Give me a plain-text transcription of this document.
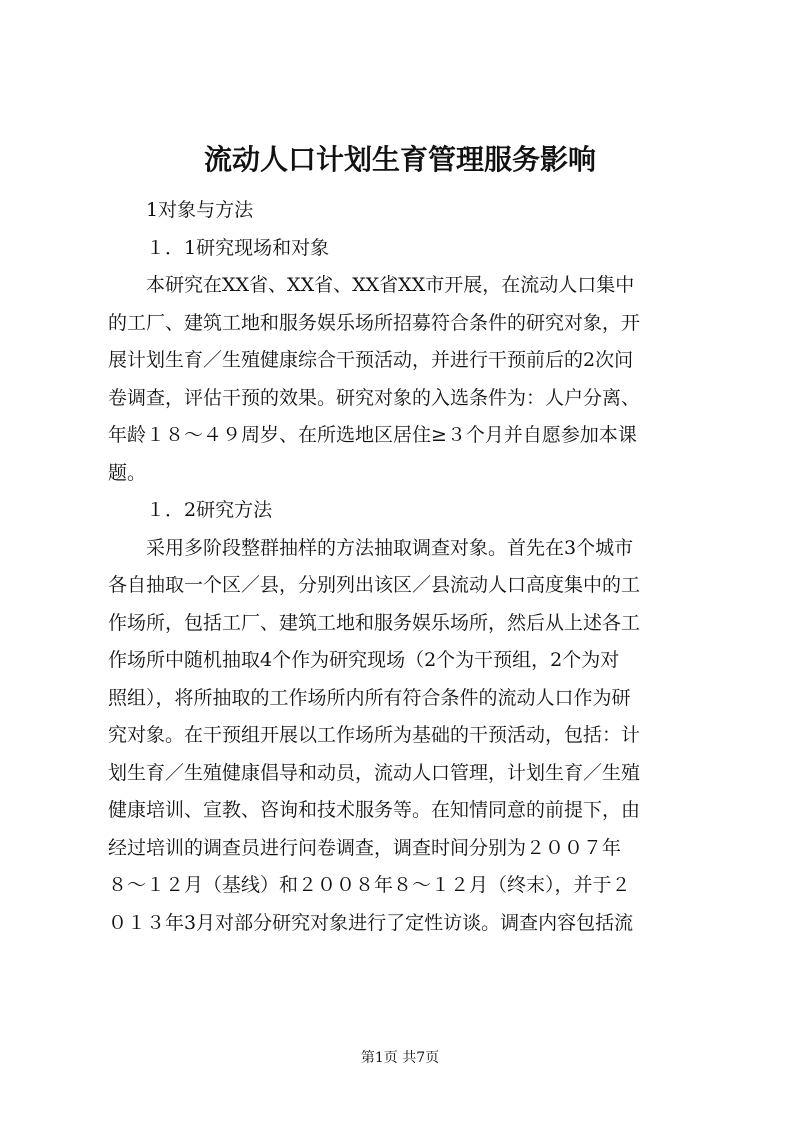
流动人口计划生育管理服务影响

1对象与方法

１．1研究现场和对象

本研究在XX省、XX省、XX省XX市开展，在流动人口集中

的工厂、建筑工地和服务娱乐场所招募符合条件的研究对象，开

展计划生育／生殖健康综合干预活动，并进行干预前后的2次问

卷调查，评估干预的效果。研究对象的入选条件为：人户分离、

年龄１８～４９周岁、在所选地区居住≥３个月并自愿参加本课

题。

１．2研究方法

采用多阶段整群抽样的方法抽取调查对象。首先在3个城市

各自抽取一个区／县，分别列出该区／县流动人口高度集中的工

作场所，包括工厂、建筑工地和服务娱乐场所，然后从上述各工

作场所中随机抽取4个作为研究现场（2个为干预组，2个为对

照组），将所抽取的工作场所内所有符合条件的流动人口作为研

究对象。在干预组开展以工作场所为基础的干预活动，包括：计

划生育／生殖健康倡导和动员，流动人口管理，计划生育／生殖

健康培训、宣教、咨询和技术服务等。在知情同意的前提下，由

经过培训的调查员进行问卷调查，调查时间分别为２００７年

８～１２月（基线）和２００８年８～１２月（终末），并于２

０１３年3月对部分研究对象进行了定性访谈。调查内容包括流

第1页 共7页
